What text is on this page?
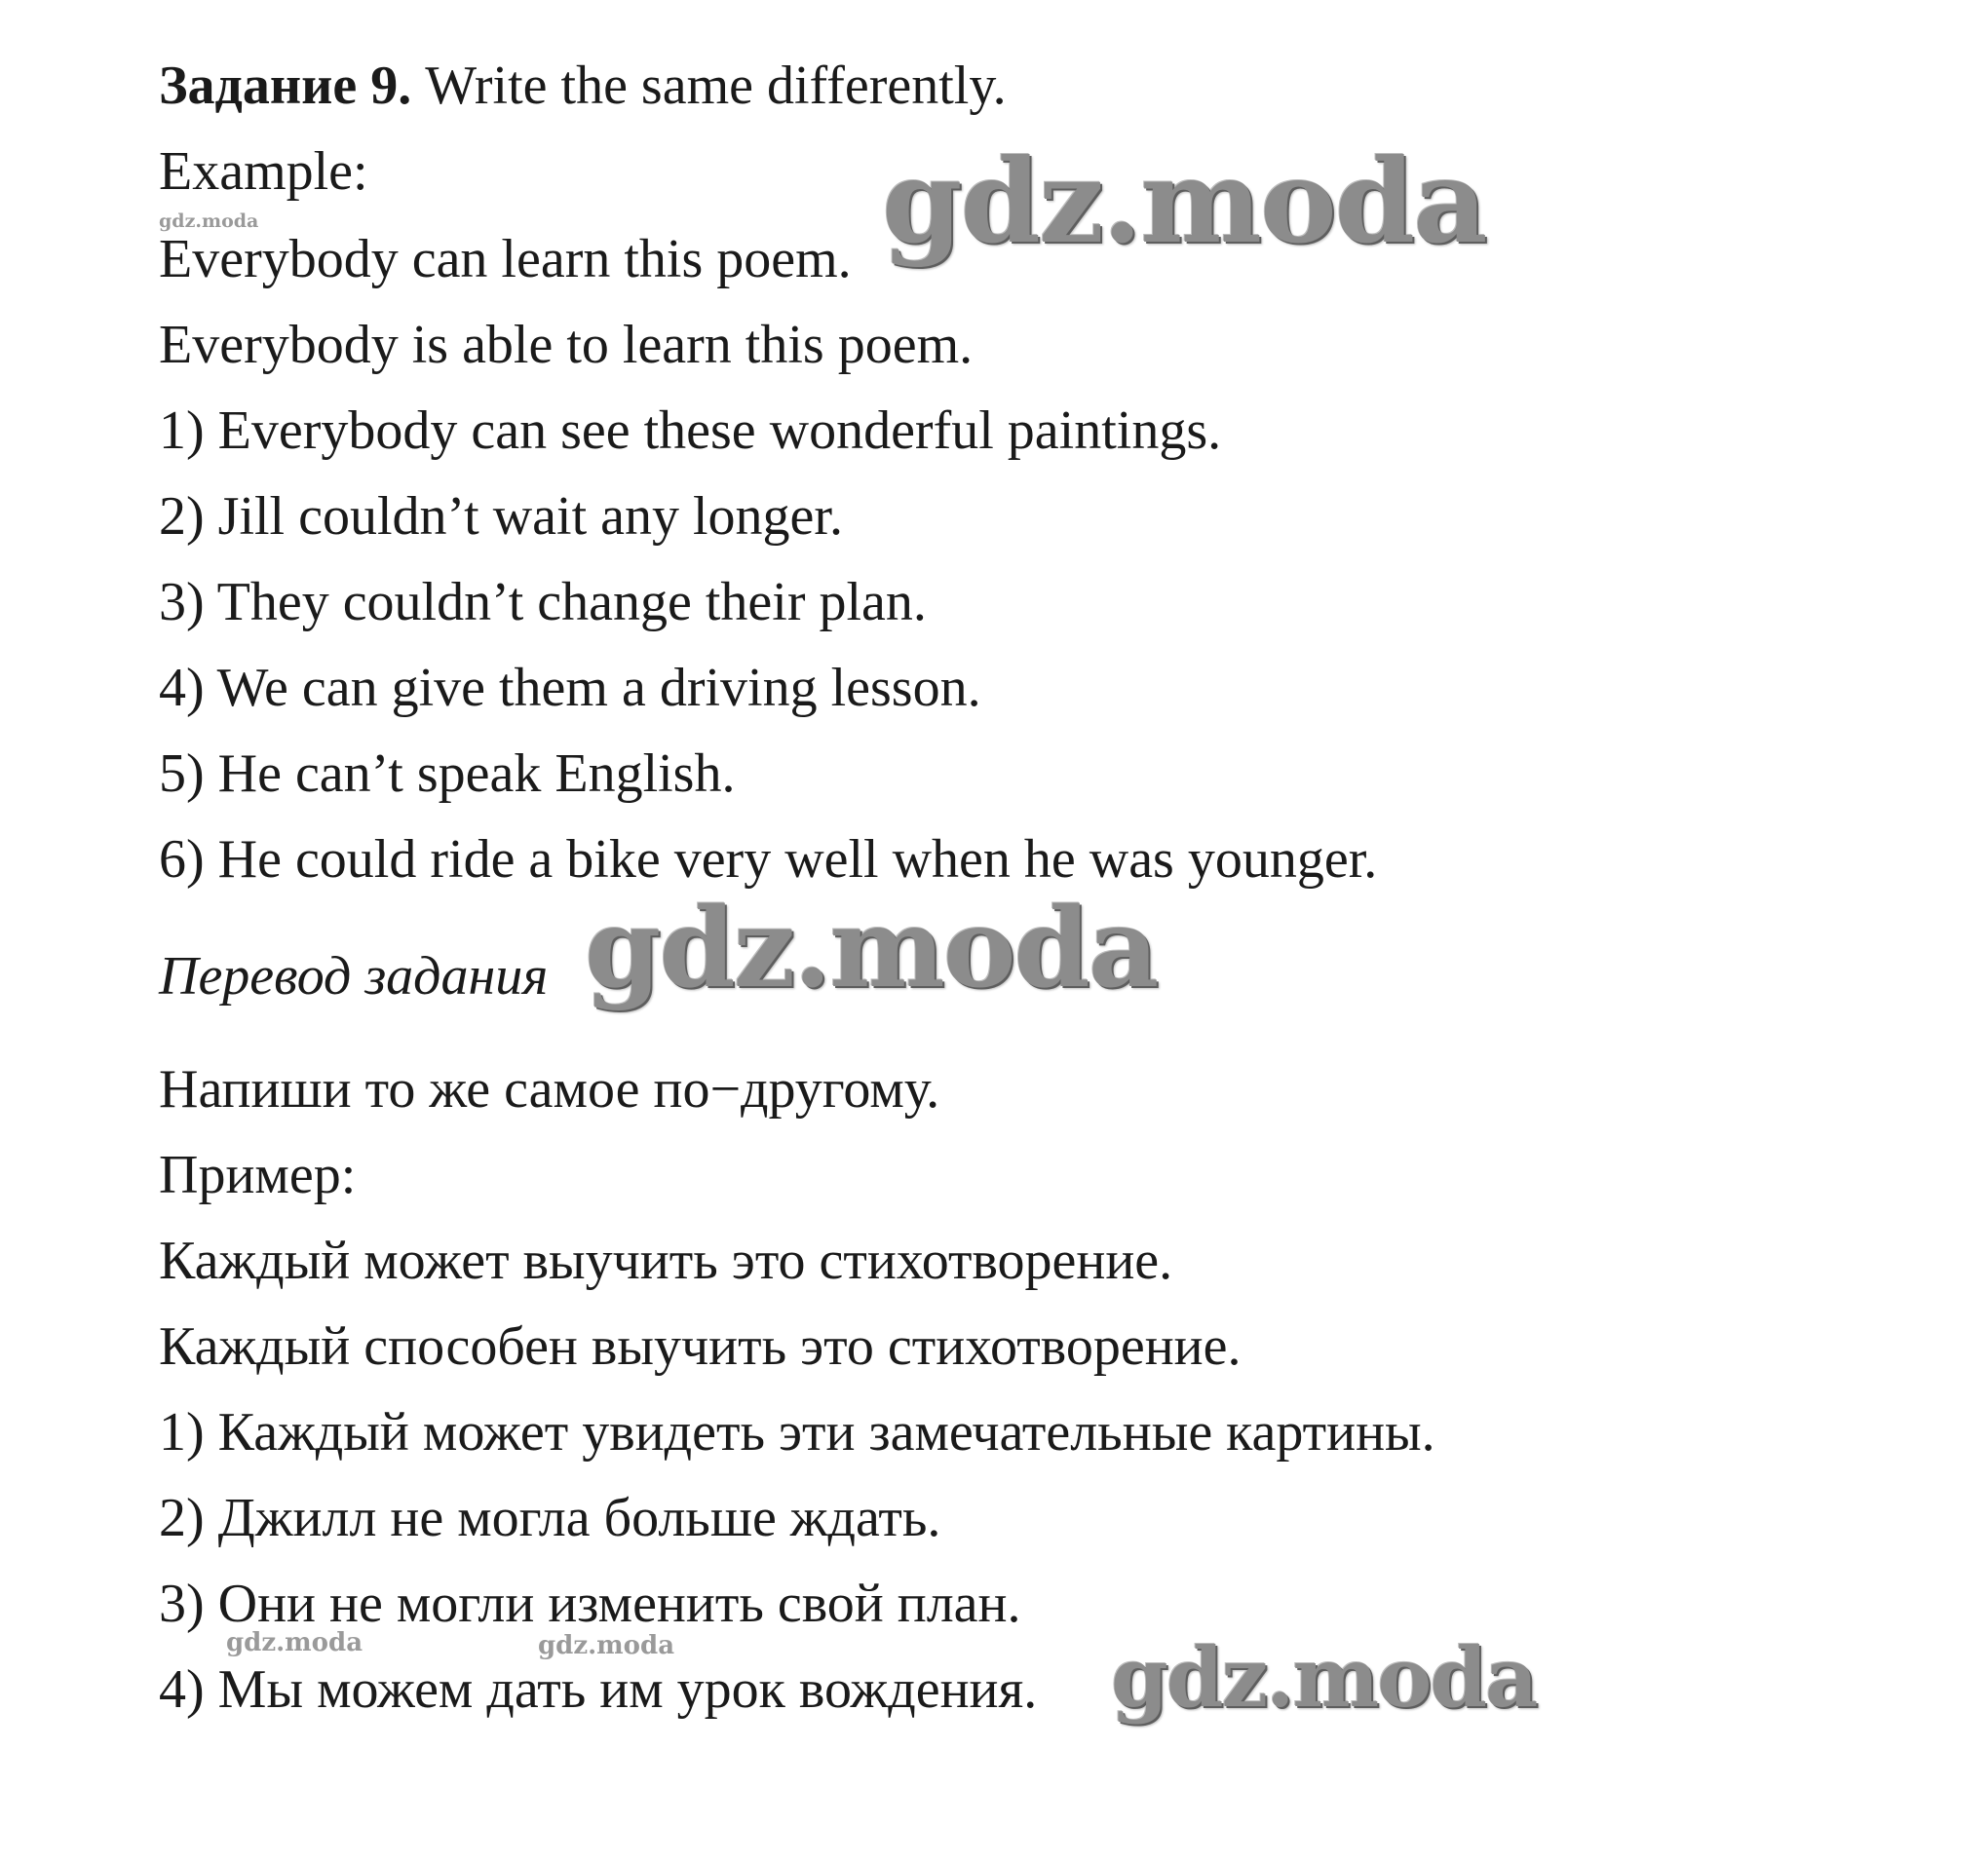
Задание 9. Write the same differently.
Example:
Everybody can learn this poem.
Everybody is able to learn this poem.
1) Everybody can see these wonderful paintings.
2) Jill couldn’t wait any longer.
3) They couldn’t change their plan.
4) We can give them a driving lesson.
5) He can’t speak English.
6) He could ride a bike very well when he was younger.
Перевод задания
Напиши то же самое по−другому.
Пример:
Каждый может выучить это стихотворение.
Каждый способен выучить это стихотворение.
1) Каждый может увидеть эти замечательные картины.
2) Джилл не могла больше ждать.
3) Они не могли изменить свой план.
4) Мы можем дать им урок вождения.
gdz.moda
gdz.moda
gdz.moda
gdz.moda
gdz.moda	gdz.moda
